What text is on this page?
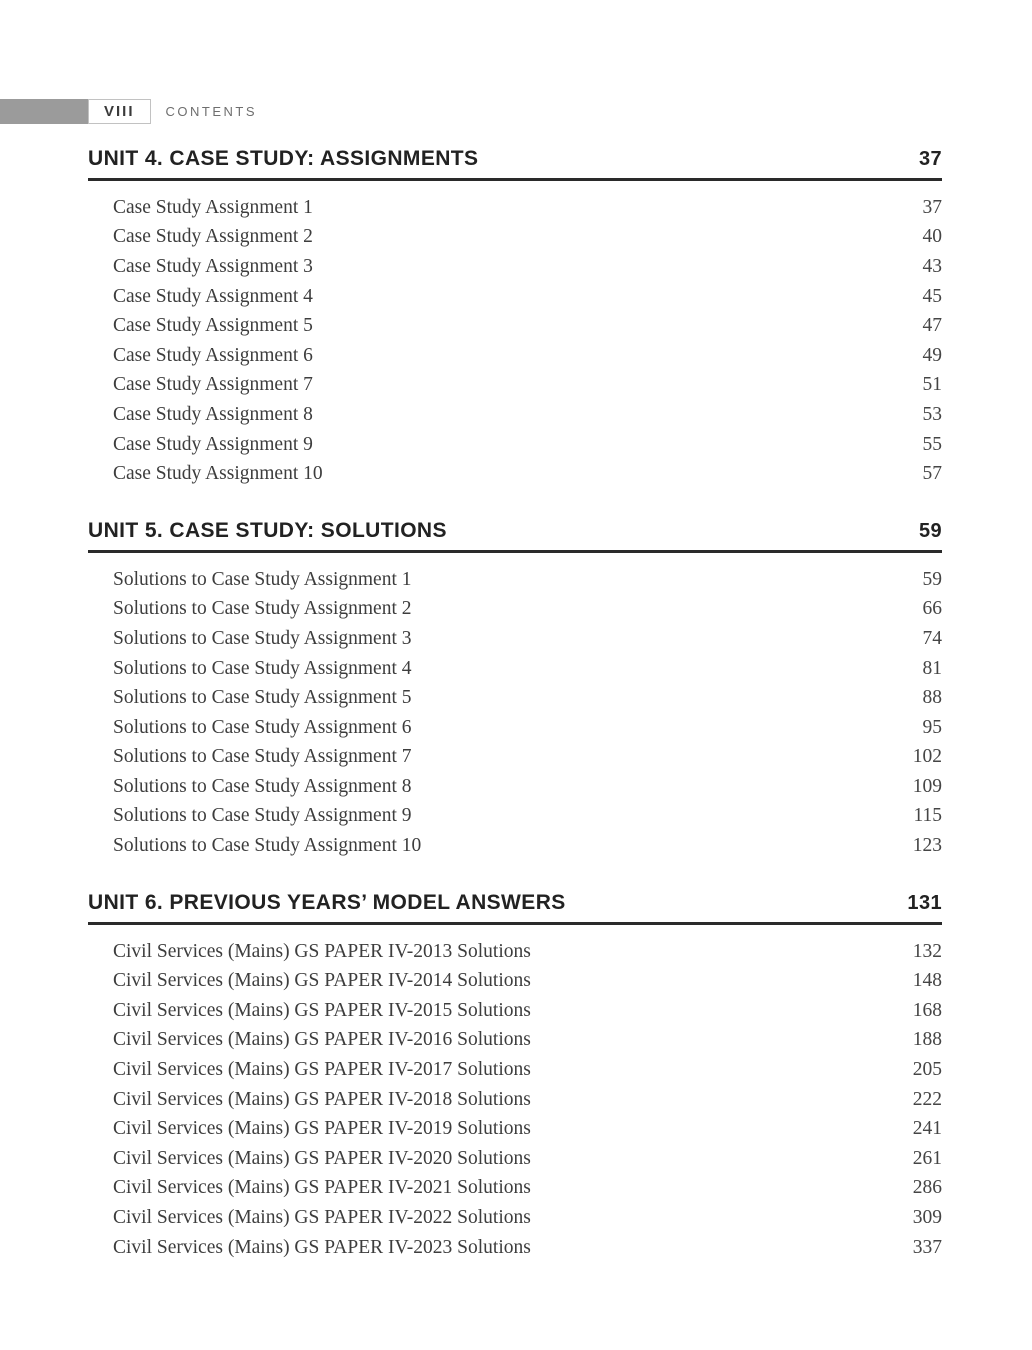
VIII CONTENTS
UNIT 4. CASE STUDY: ASSIGNMENTS	37
Case Study Assignment 1	37
Case Study Assignment 2	40
Case Study Assignment 3	43
Case Study Assignment 4	45
Case Study Assignment 5	47
Case Study Assignment 6	49
Case Study Assignment 7	51
Case Study Assignment 8	53
Case Study Assignment 9	55
Case Study Assignment 10	57
UNIT 5. CASE STUDY: SOLUTIONS	59
Solutions to Case Study Assignment 1	59
Solutions to Case Study Assignment 2	66
Solutions to Case Study Assignment 3	74
Solutions to Case Study Assignment 4	81
Solutions to Case Study Assignment 5	88
Solutions to Case Study Assignment 6	95
Solutions to Case Study Assignment 7	102
Solutions to Case Study Assignment 8	109
Solutions to Case Study Assignment 9	115
Solutions to Case Study Assignment 10	123
UNIT 6. PREVIOUS YEARS’ MODEL ANSWERS	131
Civil Services (Mains) GS PAPER IV-2013 Solutions	132
Civil Services (Mains) GS PAPER IV-2014 Solutions	148
Civil Services (Mains) GS PAPER IV-2015 Solutions	168
Civil Services (Mains) GS PAPER IV-2016 Solutions	188
Civil Services (Mains) GS PAPER IV-2017 Solutions	205
Civil Services (Mains) GS PAPER IV-2018 Solutions	222
Civil Services (Mains) GS PAPER IV-2019 Solutions	241
Civil Services (Mains) GS PAPER IV-2020 Solutions	261
Civil Services (Mains) GS PAPER IV-2021 Solutions	286
Civil Services (Mains) GS PAPER IV-2022 Solutions	309
Civil Services (Mains) GS PAPER IV-2023 Solutions	337
